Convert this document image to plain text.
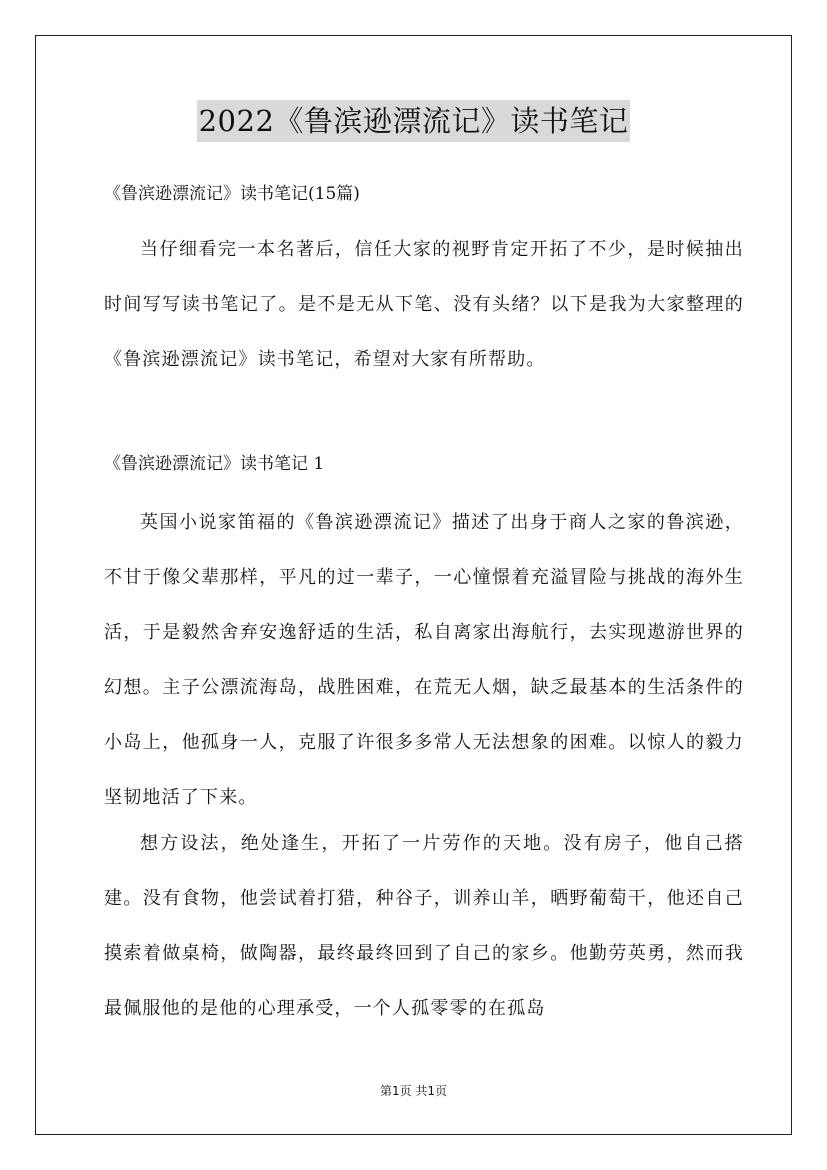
2022《鲁滨逊漂流记》读书笔记
《鲁滨逊漂流记》读书笔记(15篇)

当仔细看完一本名著后，信任大家的视野肯定开拓了不少，是时候抽出时间写写读书笔记了。是不是无从下笔、没有头绪？以下是我为大家整理的《鲁滨逊漂流记》读书笔记，希望对大家有所帮助。

《鲁滨逊漂流记》读书笔记 1

英国小说家笛福的《鲁滨逊漂流记》描述了出身于商人之家的鲁滨逊，不甘于像父辈那样，平凡的过一辈子，一心憧憬着充溢冒险与挑战的海外生活，于是毅然舍弃安逸舒适的生活，私自离家出海航行，去实现遨游世界的幻想。主子公漂流海岛，战胜困难，在荒无人烟，缺乏最基本的生活条件的小岛上，他孤身一人，克服了许很多多常人无法想象的困难。以惊人的毅力坚韧地活了下来。

想方设法，绝处逢生，开拓了一片劳作的天地。没有房子，他自己搭建。没有食物，他尝试着打猎，种谷子，训养山羊，晒野葡萄干，他还自己摸索着做桌椅，做陶器，最终最终回到了自己的家乡。他勤劳英勇，然而我最佩服他的是他的心理承受，一个人孤零零的在孤岛

第1页 共1页
